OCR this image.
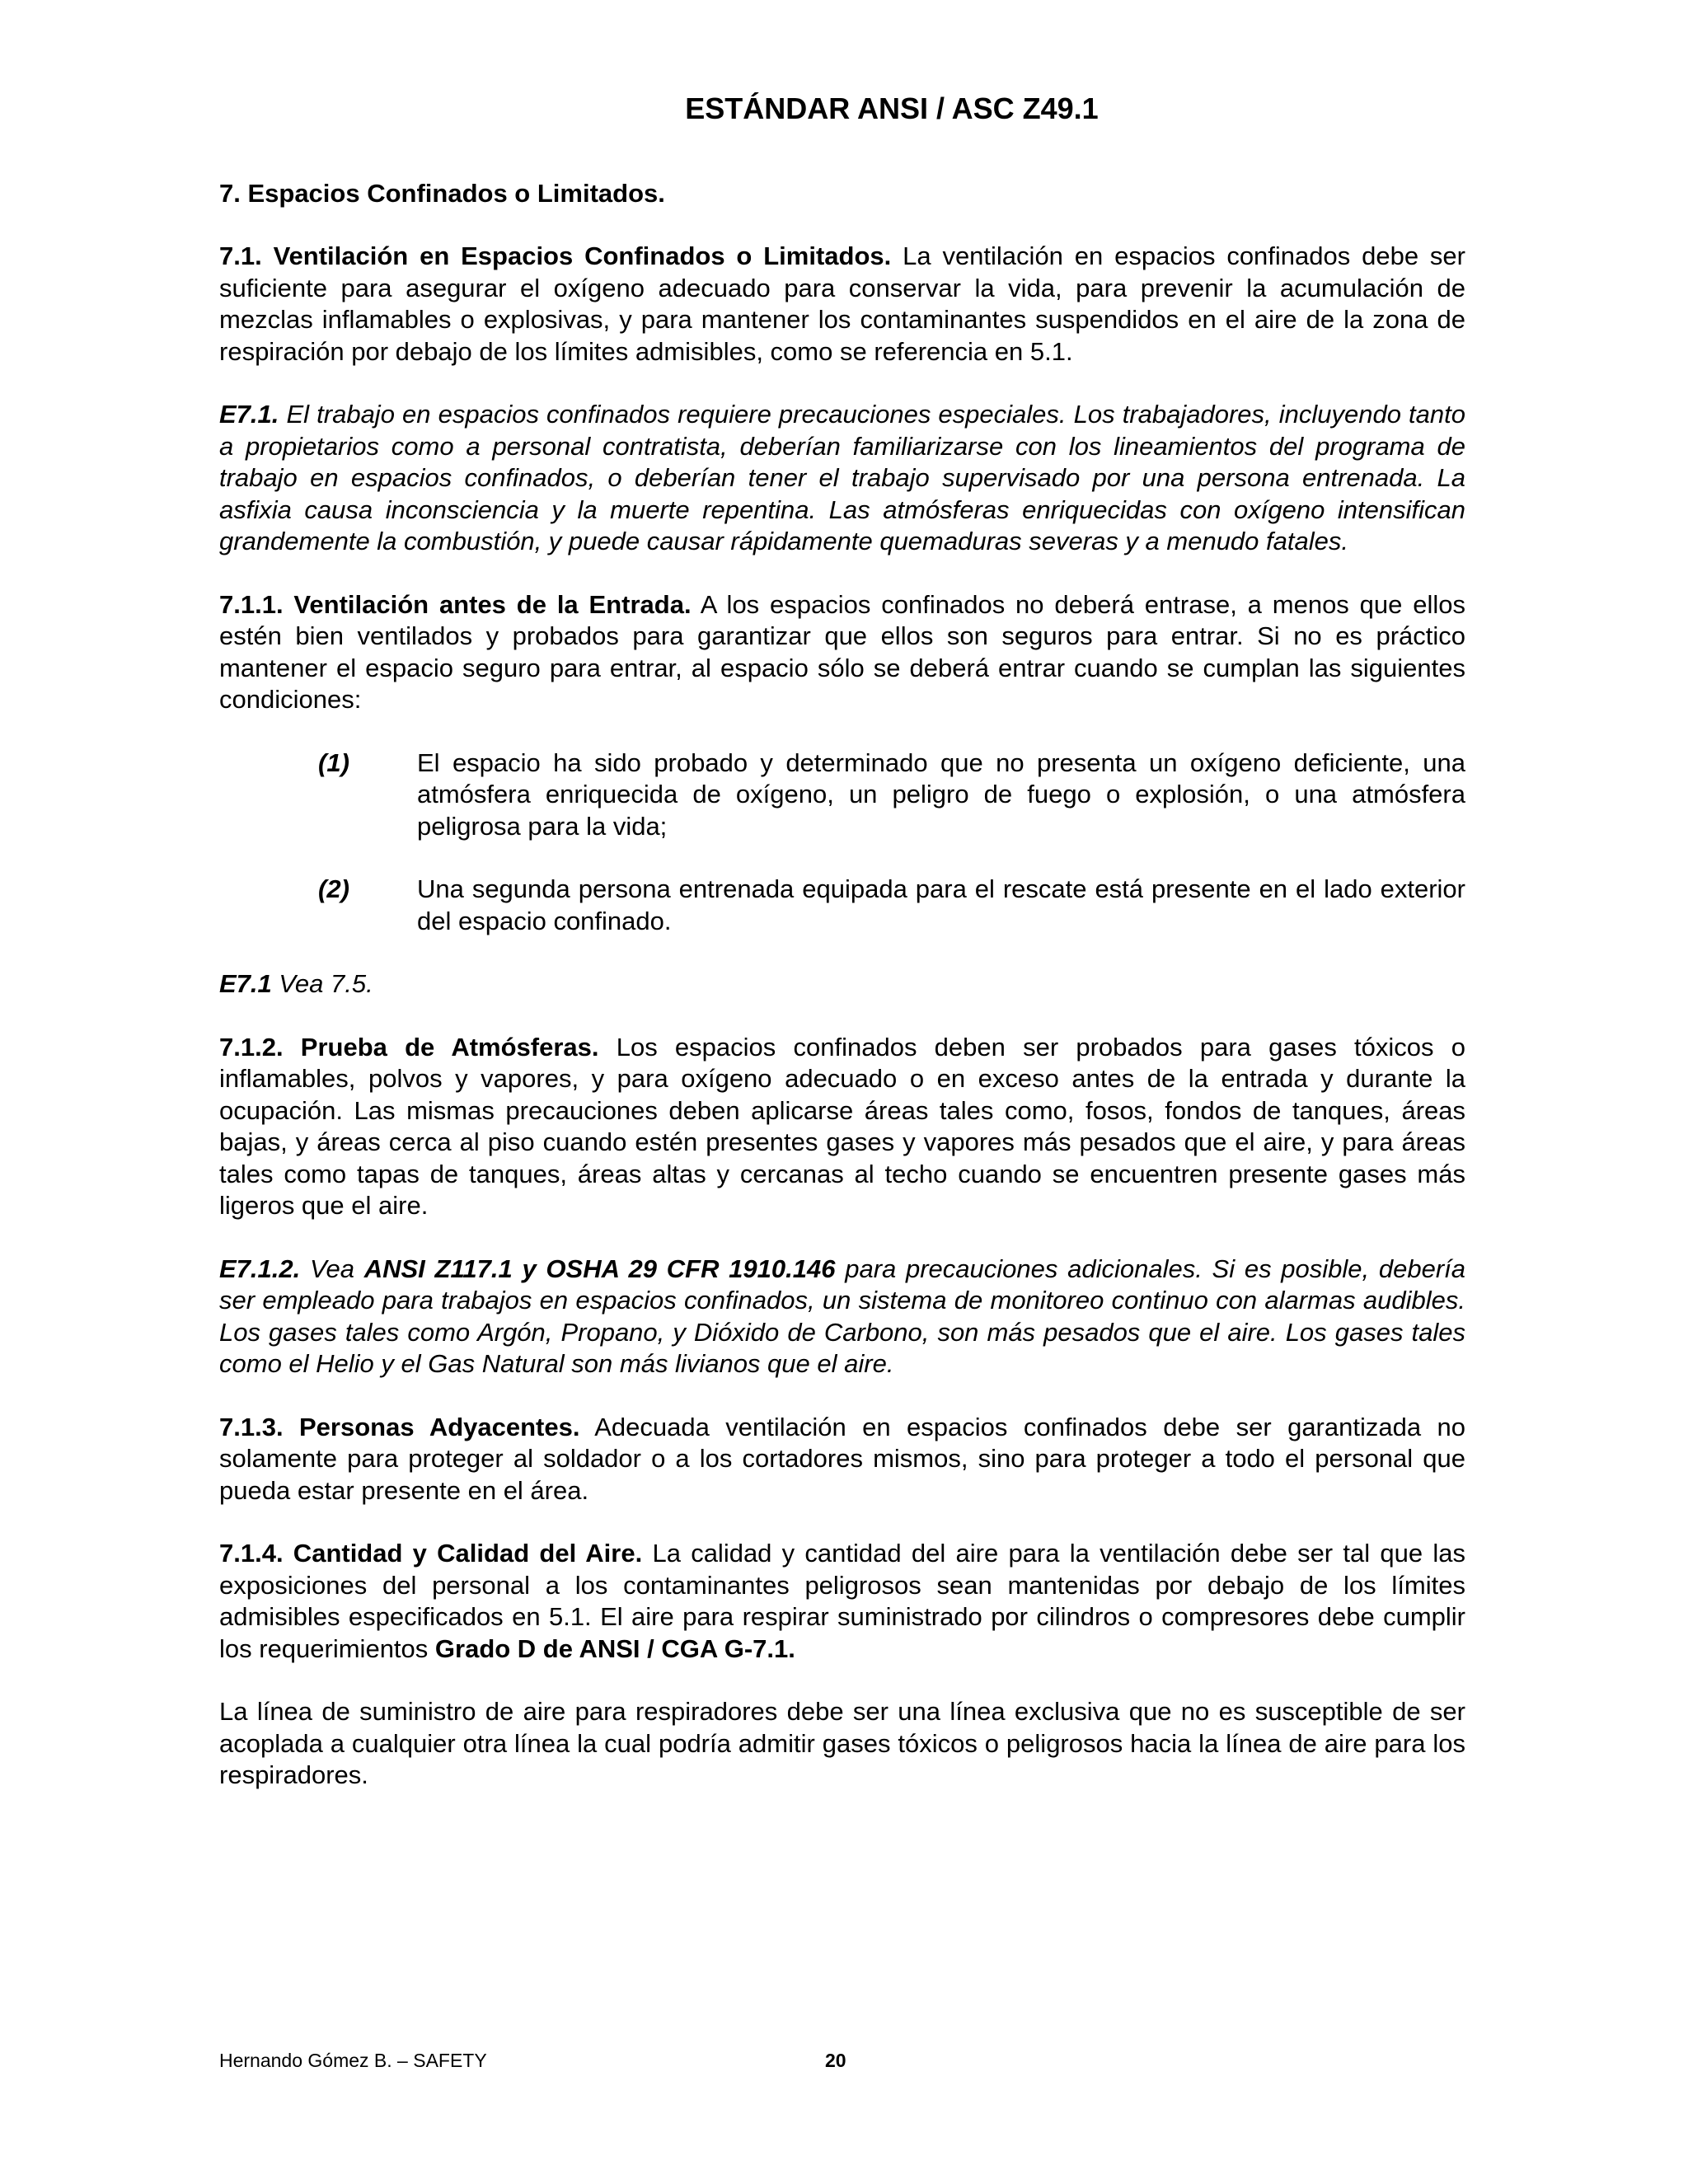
ESTÁNDAR ANSI / ASC Z49.1
7. Espacios Confinados o Limitados.

7.1. Ventilación en Espacios Confinados o Limitados. La ventilación en espacios confinados debe ser suficiente para asegurar el oxígeno adecuado para conservar la vida, para prevenir la acumulación de mezclas inflamables o explosivas, y para mantener los contaminantes suspendidos en el aire de la zona de respiración por debajo de los límites admisibles, como se referencia en 5.1.

E7.1. El trabajo en espacios confinados requiere precauciones especiales. Los trabajadores, incluyendo tanto a propietarios como a personal contratista, deberían familiarizarse con los lineamientos del programa de trabajo en espacios confinados, o deberían tener el trabajo supervisado por una persona entrenada. La asfixia causa inconsciencia y la muerte repentina. Las atmósferas enriquecidas con oxígeno intensifican grandemente la combustión, y puede causar rápidamente quemaduras severas y a menudo fatales.

7.1.1. Ventilación antes de la Entrada. A los espacios confinados no deberá entrase, a menos que ellos estén bien ventilados y probados para garantizar que ellos son seguros para entrar. Si no es práctico mantener el espacio seguro para entrar, al espacio sólo se deberá entrar cuando se cumplan las siguientes condiciones:

(1)	El espacio ha sido probado y determinado que no presenta un oxígeno deficiente, una atmósfera enriquecida de oxígeno, un peligro de fuego o explosión, o una atmósfera peligrosa para la vida;
(2)	Una segunda persona entrenada equipada para el rescate está presente en el lado exterior del espacio confinado.

E7.1 Vea 7.5.

7.1.2. Prueba de Atmósferas. Los espacios confinados deben ser probados para gases tóxicos o inflamables, polvos y vapores, y para oxígeno adecuado o en exceso antes de la entrada y durante la ocupación. Las mismas precauciones deben aplicarse áreas tales como, fosos, fondos de tanques, áreas bajas, y áreas cerca al piso cuando estén presentes gases y vapores más pesados que el aire, y para áreas tales como tapas de tanques, áreas altas y cercanas al techo cuando se encuentren presente gases más ligeros que el aire.

E7.1.2. Vea ANSI Z117.1 y OSHA 29 CFR 1910.146 para precauciones adicionales. Si es posible, debería ser empleado para trabajos en espacios confinados, un sistema de monitoreo continuo con alarmas audibles. Los gases tales como Argón, Propano, y Dióxido de Carbono, son más pesados que el aire. Los gases tales como el Helio y el Gas Natural son más livianos que el aire.

7.1.3. Personas Adyacentes. Adecuada ventilación en espacios confinados debe ser garantizada no solamente para proteger al soldador o a los cortadores mismos, sino para proteger a todo el personal que pueda estar presente en el área.

7.1.4. Cantidad y Calidad del Aire. La calidad y cantidad del aire para la ventilación debe ser tal que las exposiciones del personal a los contaminantes peligrosos sean mantenidas por debajo de los límites admisibles especificados en 5.1. El aire para respirar suministrado por cilindros o compresores debe cumplir los requerimientos Grado D de ANSI / CGA G-7.1.

La línea de suministro de aire para respiradores debe ser una línea exclusiva que no es susceptible de ser acoplada a cualquier otra línea la cual podría admitir gases tóxicos o peligrosos hacia la línea de aire para los respiradores.

Hernando Gómez B. – SAFETY	20
